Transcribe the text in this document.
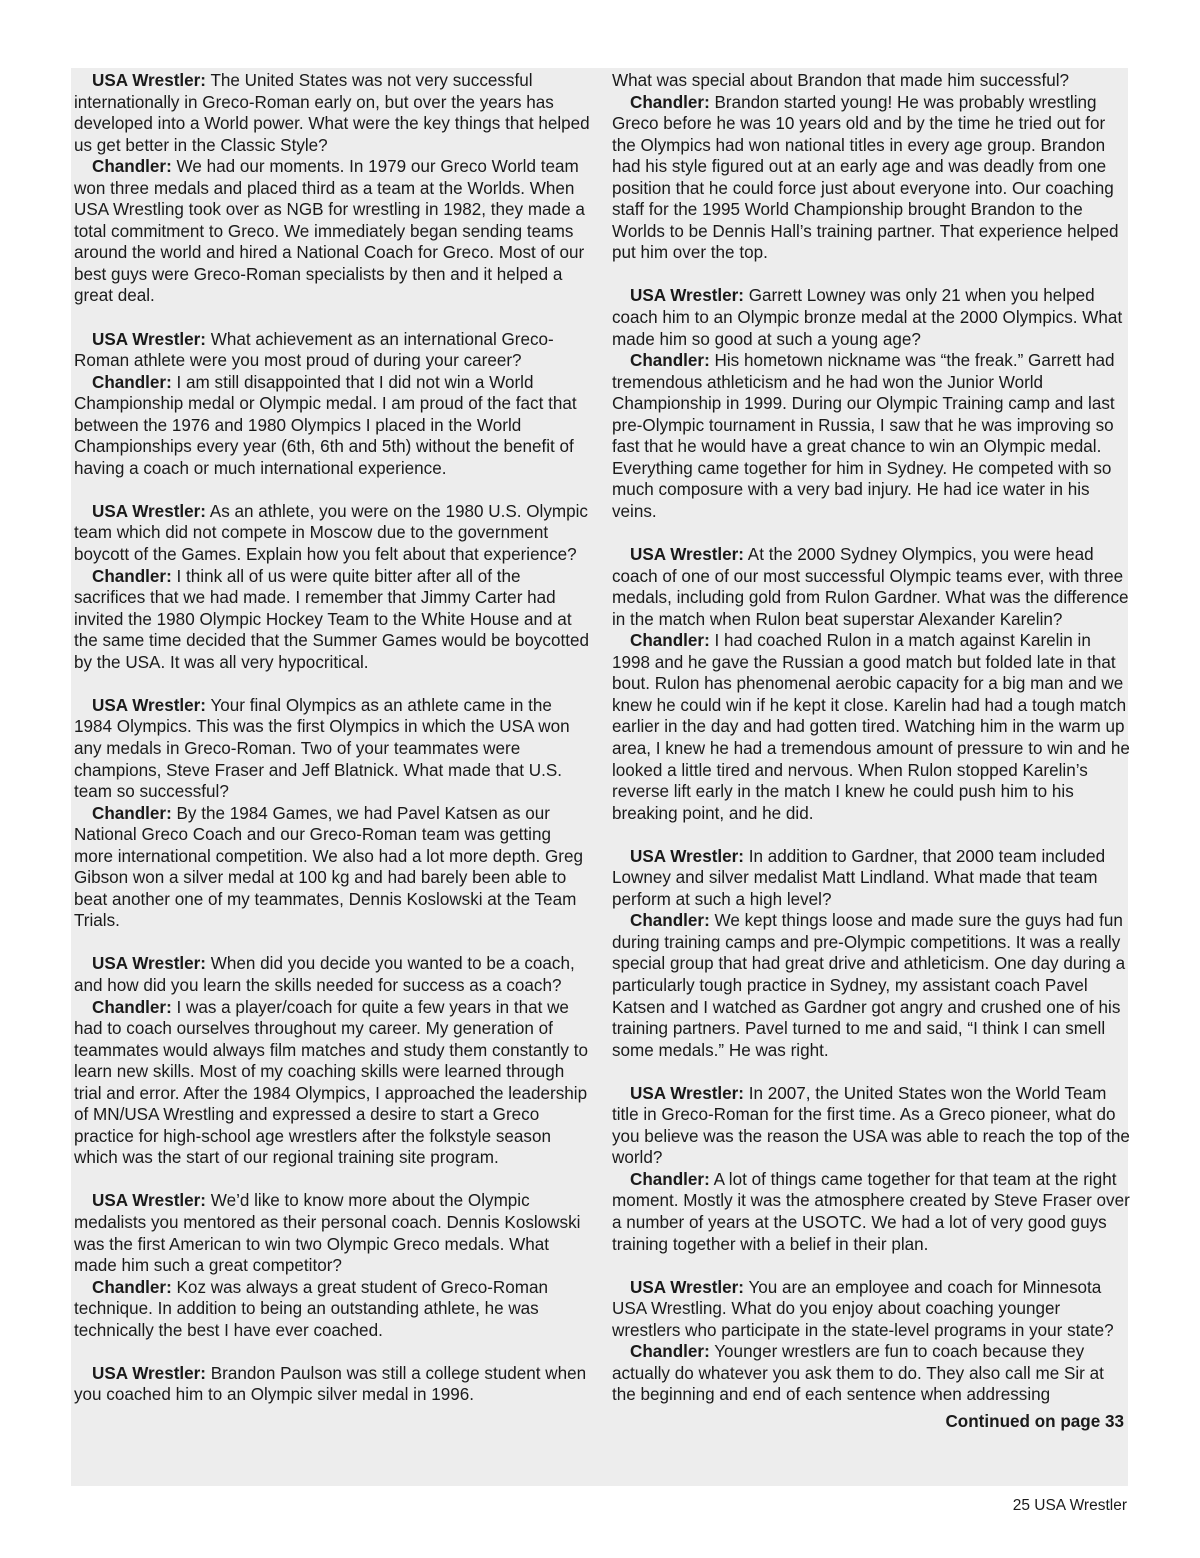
USA Wrestler: The United States was not very successful internationally in Greco-Roman early on, but over the years has developed into a World power. What were the key things that helped us get better in the Classic Style?

Chandler: We had our moments. In 1979 our Greco World team won three medals and placed third as a team at the Worlds. When USA Wrestling took over as NGB for wrestling in 1982, they made a total commitment to Greco. We immediately began sending teams around the world and hired a National Coach for Greco. Most of our best guys were Greco-Roman specialists by then and it helped a great deal.

USA Wrestler: What achievement as an international Greco-Roman athlete were you most proud of during your career?

Chandler: I am still disappointed that I did not win a World Championship medal or Olympic medal. I am proud of the fact that between the 1976 and 1980 Olympics I placed in the World Championships every year (6th, 6th and 5th) without the benefit of having a coach or much international experience.

USA Wrestler: As an athlete, you were on the 1980 U.S. Olympic team which did not compete in Moscow due to the government boycott of the Games. Explain how you felt about that experience?

Chandler: I think all of us were quite bitter after all of the sacrifices that we had made. I remember that Jimmy Carter had invited the 1980 Olympic Hockey Team to the White House and at the same time decided that the Summer Games would be boycotted by the USA. It was all very hypocritical.

USA Wrestler: Your final Olympics as an athlete came in the 1984 Olympics. This was the first Olympics in which the USA won any medals in Greco-Roman. Two of your teammates were champions, Steve Fraser and Jeff Blatnick. What made that U.S. team so successful?

Chandler: By the 1984 Games, we had Pavel Katsen as our National Greco Coach and our Greco-Roman team was getting more international competition. We also had a lot more depth. Greg Gibson won a silver medal at 100 kg and had barely been able to beat another one of my teammates, Dennis Koslowski at the Team Trials.

USA Wrestler: When did you decide you wanted to be a coach, and how did you learn the skills needed for success as a coach?

Chandler: I was a player/coach for quite a few years in that we had to coach ourselves throughout my career. My generation of teammates would always film matches and study them constantly to learn new skills. Most of my coaching skills were learned through trial and error. After the 1984 Olympics, I approached the leadership of MN/USA Wrestling and expressed a desire to start a Greco practice for high-school age wrestlers after the folkstyle season which was the start of our regional training site program.

USA Wrestler: We’d like to know more about the Olympic medalists you mentored as their personal coach. Dennis Koslowski was the first American to win two Olympic Greco medals. What made him such a great competitor?

Chandler: Koz was always a great student of Greco-Roman technique. In addition to being an outstanding athlete, he was technically the best I have ever coached.

USA Wrestler: Brandon Paulson was still a college student when you coached him to an Olympic silver medal in 1996.

What was special about Brandon that made him successful?

Chandler: Brandon started young! He was probably wrestling Greco before he was 10 years old and by the time he tried out for the Olympics had won national titles in every age group. Brandon had his style figured out at an early age and was deadly from one position that he could force just about everyone into. Our coaching staff for the 1995 World Championship brought Brandon to the Worlds to be Dennis Hall’s training partner. That experience helped put him over the top.

USA Wrestler: Garrett Lowney was only 21 when you helped coach him to an Olympic bronze medal at the 2000 Olympics. What made him so good at such a young age?

Chandler: His hometown nickname was “the freak.” Garrett had tremendous athleticism and he had won the Junior World Championship in 1999. During our Olympic Training camp and last pre-Olympic tournament in Russia, I saw that he was improving so fast that he would have a great chance to win an Olympic medal. Everything came together for him in Sydney. He competed with so much composure with a very bad injury. He had ice water in his veins.

USA Wrestler: At the 2000 Sydney Olympics, you were head coach of one of our most successful Olympic teams ever, with three medals, including gold from Rulon Gardner. What was the difference in the match when Rulon beat superstar Alexander Karelin?

Chandler: I had coached Rulon in a match against Karelin in 1998 and he gave the Russian a good match but folded late in that bout. Rulon has phenomenal aerobic capacity for a big man and we knew he could win if he kept it close. Karelin had had a tough match earlier in the day and had gotten tired. Watching him in the warm up area, I knew he had a tremendous amount of pressure to win and he looked a little tired and nervous. When Rulon stopped Karelin’s reverse lift early in the match I knew he could push him to his breaking point, and he did.

USA Wrestler: In addition to Gardner, that 2000 team included Lowney and silver medalist Matt Lindland. What made that team perform at such a high level?

Chandler: We kept things loose and made sure the guys had fun during training camps and pre-Olympic competitions. It was a really special group that had great drive and athleticism. One day during a particularly tough practice in Sydney, my assistant coach Pavel Katsen and I watched as Gardner got angry and crushed one of his training partners. Pavel turned to me and said, “I think I can smell some medals.” He was right.

USA Wrestler: In 2007, the United States won the World Team title in Greco-Roman for the first time. As a Greco pioneer, what do you believe was the reason the USA was able to reach the top of the world?

Chandler: A lot of things came together for that team at the right moment. Mostly it was the atmosphere created by Steve Fraser over a number of years at the USOTC. We had a lot of very good guys training together with a belief in their plan.

USA Wrestler: You are an employee and coach for Minnesota USA Wrestling. What do you enjoy about coaching younger wrestlers who participate in the state-level programs in your state?

Chandler: Younger wrestlers are fun to coach because they actually do whatever you ask them to do. They also call me Sir at the beginning and end of each sentence when addressing

Continued on page 33

25 USA Wrestler
